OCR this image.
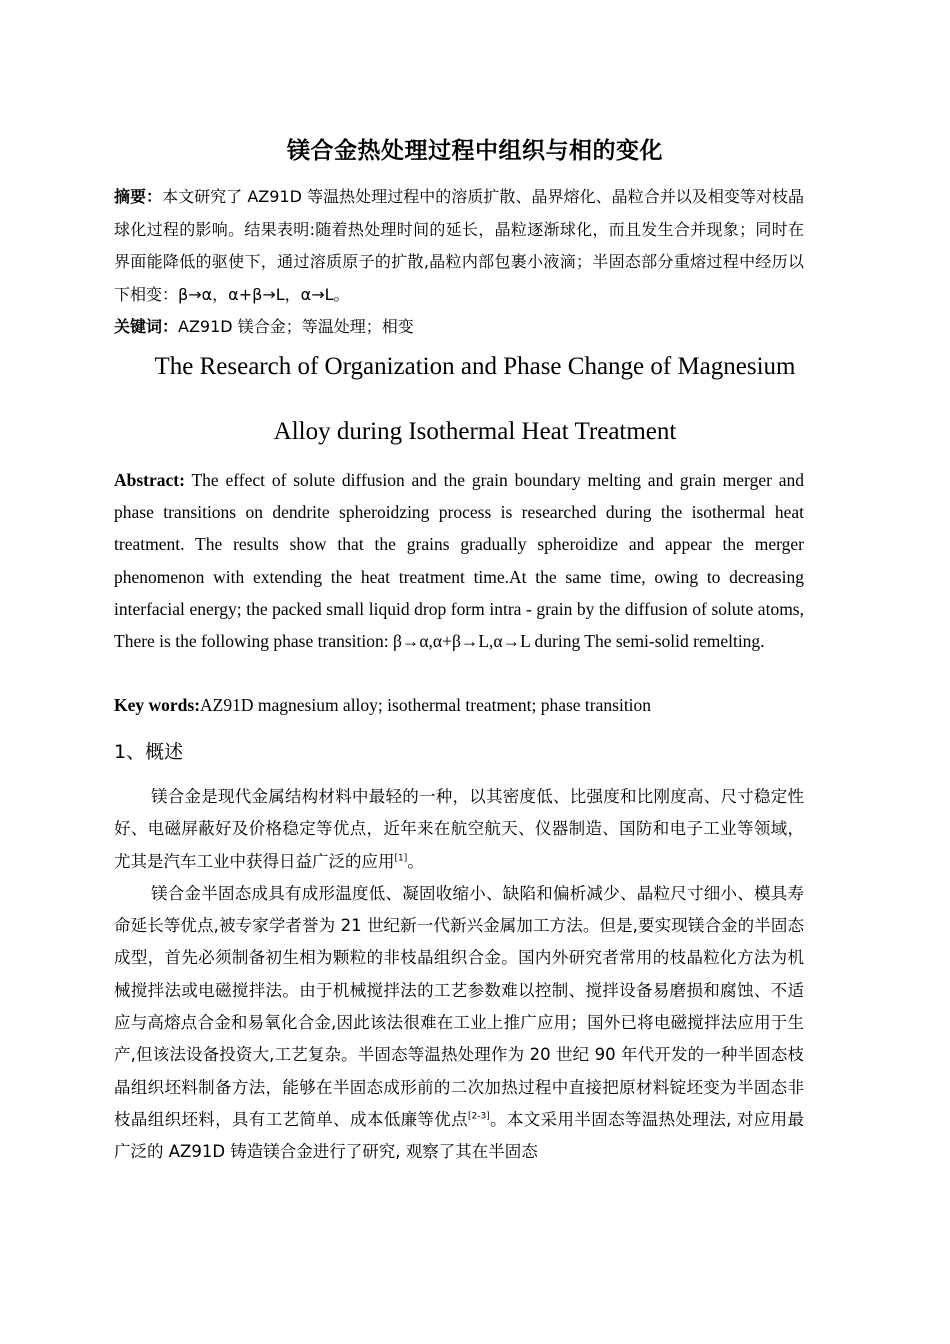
镁合金热处理过程中组织与相的变化
摘要：本文研究了 AZ91D 等温热处理过程中的溶质扩散、晶界熔化、晶粒合并以及相变等对枝晶球化过程的影响。结果表明:随着热处理时间的延长，晶粒逐渐球化，而且发生合并现象；同时在界面能降低的驱使下，通过溶质原子的扩散,晶粒内部包裹小液滴；半固态部分重熔过程中经历以下相变：β→α，α+β→L，α→L。
关键词：AZ91D 镁合金；等温处理；相变
The Research of Organization and Phase Change of Magnesium
Alloy during Isothermal Heat Treatment
Abstract: The effect of solute diffusion and the grain boundary melting and grain merger and phase transitions on dendrite spheroidzing process is researched during the isothermal heat treatment. The results show that the grains gradually spheroidize and appear the merger phenomenon with extending the heat treatment time.At the same time, owing to decreasing interfacial energy; the packed small liquid drop form intra - grain by the diffusion of solute atoms, There is the following phase transition: β→α,α+β→L,α→L during The semi-solid remelting.
Key words:AZ91D magnesium alloy; isothermal treatment; phase transition
1、概述

镁合金是现代金属结构材料中最轻的一种，以其密度低、比强度和比刚度高、尺寸稳定性好、电磁屏蔽好及价格稳定等优点，近年来在航空航天、仪器制造、国防和电子工业等领域，尤其是汽车工业中获得日益广泛的应用[1]。

镁合金半固态成具有成形温度低、凝固收缩小、缺陷和偏析减少、晶粒尺寸细小、模具寿命延长等优点,被专家学者誉为 21 世纪新一代新兴金属加工方法。但是,要实现镁合金的半固态成型，首先必须制备初生相为颗粒的非枝晶组织合金。国内外研究者常用的枝晶粒化方法为机械搅拌法或电磁搅拌法。由于机械搅拌法的工艺参数难以控制、搅拌设备易磨损和腐蚀、不适应与高熔点合金和易氧化合金,因此该法很难在工业上推广应用；国外已将电磁搅拌法应用于生产,但该法设备投资大,工艺复杂。半固态等温热处理作为 20 世纪 90 年代开发的一种半固态枝晶组织坯料制备方法，能够在半固态成形前的二次加热过程中直接把原材料锭坯变为半固态非枝晶组织坯料，具有工艺简单、成本低廉等优点[2-3]。本文采用半固态等温热处理法, 对应用最广泛的 AZ91D 铸造镁合金进行了研究, 观察了其在半固态
